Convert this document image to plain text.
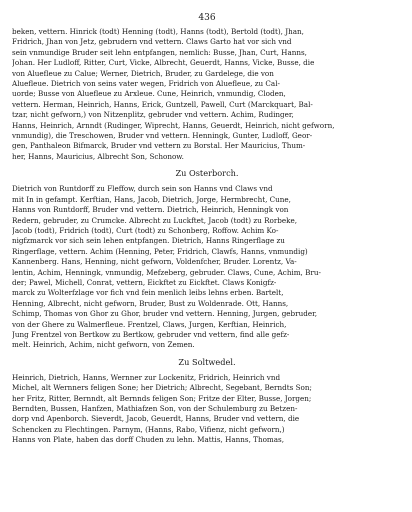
436
beken, vettern. Hinrick (todt) Henning (todt), Hanns (todt), Bertold (todt), Jhan,
Fridrich, Jhan von Jetz, gebrudern vnd vettern. Claws Garto hat vor sich vnd
sein vnmundige Bruder seit lehn entpfangen, nemlich: Busse, Jhan, Curt, Hanns,
Johan. Her Ludloff, Ritter, Curt, Vicke, Albrecht, Geuerdt, Hanns, Vicke, Busse, die
von Aluefleue zu Calue; Werner, Dietrich, Bruder, zu Gardelege, die von
Aluefleue. Dietrich von seins vater wegen, Fridrich von Aluefleue, zu Cal-
uorde; Busse von Aluefleue zu Arxleue. Cune, Heinrich, vnmundig, Cloden,
vettern. Herman, Heinrich, Hanns, Erick, Guntzell, Pawell, Curt (Marckquart, Bal-
tzar, nicht gefworn,) von Nitzenplitz, gebruder vnd vettern. Achim, Rudinger,
Hanns, Heinrich, Arnndt (Rudinger, Wiprecht, Hanns, Geuerdt, Heinrich, nicht gefworn,
vnmundig), die Treschowen, Bruder vnd vettern. Henningk, Gunter, Ludloff, Geor-
gen, Panthaleon Bifmarck, Bruder vnd vettern zu Borstal. Her Mauricius, Thum-
her, Hanns, Mauricius, Albrecht Son, Schonow.
Zu Osterborch.
Dietrich von Runtdorff zu Fleffow, durch sein son Hanns vnd Claws vnd
mit In in gefampt. Kerftian, Hans, Jacob, Dietrich, Jorge, Hermbrecht, Cune,
Hanns von Runtdorff, Bruder vnd vettern. Dietrich, Heinrich, Henningk von
Redern, gebruder, zu Crumcke. Albrecht zu Luckftet, Jacob (todt) zu Rorbeke,
Jacob (todt), Fridrich (todt), Curt (todt) zu Schonberg, Roffow. Achim Ko-
nigfzmarck vor sich sein lehen entpfangen. Dietrich, Hanns Ringerflage zu
Ringerflage, vettern. Achim (Henning, Peter, Fridrich, Clawfs, Hanns, vnmundig)
Kannenberg. Hans, Henning, nicht gefworn, Voldenfcher, Bruder. Lorentz, Va-
lentin, Achim, Henningk, vnmundig, Mefzeberg, gebruder. Claws, Cune, Achim, Bru-
der; Pawel, Michell, Conrat, vettern, Eickftet zu Eickftet. Claws Konigfz-
marck zu Wolterfzlage vor fich vnd fein menlich leibs lehns erben. Bartelt,
Henning, Albrecht, nicht gefworn, Bruder, Bust zu Woldenrade. Ott, Hanns,
Schimp, Thomas von Ghor zu Ghor, bruder vnd vettern. Henning, Jurgen, gebruder,
von der Ghere zu Walmerfleue. Frentzel, Claws, Jurgen, Kerftian, Heinrich,
Jung Frentzel von Bertkow zu Bertkow, gebruder vnd vettern, find alle gefz-
melt. Heinrich, Achim, nicht gefworn, von Zemen.
Zu Soltwedel.
Heinrich, Dietrich, Hanns, Wernner zur Lockenitz, Fridrich, Heinrich vnd
Michel, alt Wernners feligen Sone; her Dietrich; Albrecht, Segebant, Berndts Son;
her Fritz, Ritter, Bernndt, alt Bernnds feligen Son; Fritze der Elter, Busse, Jorgen;
Berndten, Bussen, Hanfzen, Mathiafzen Son, von der Schulemburg zu Betzen-
dorp vnd Apenborch. Sieverdt, Jacob, Geuerdt, Hanns, Bruder vnd vettern, die
Schencken zu Flechtingen. Parnym, (Hanns, Rabo, Vifienz, nicht gefworn,)
Hanns von Plate, haben das dorff Chuden zu lehn. Mattis, Hanns, Thomas,
